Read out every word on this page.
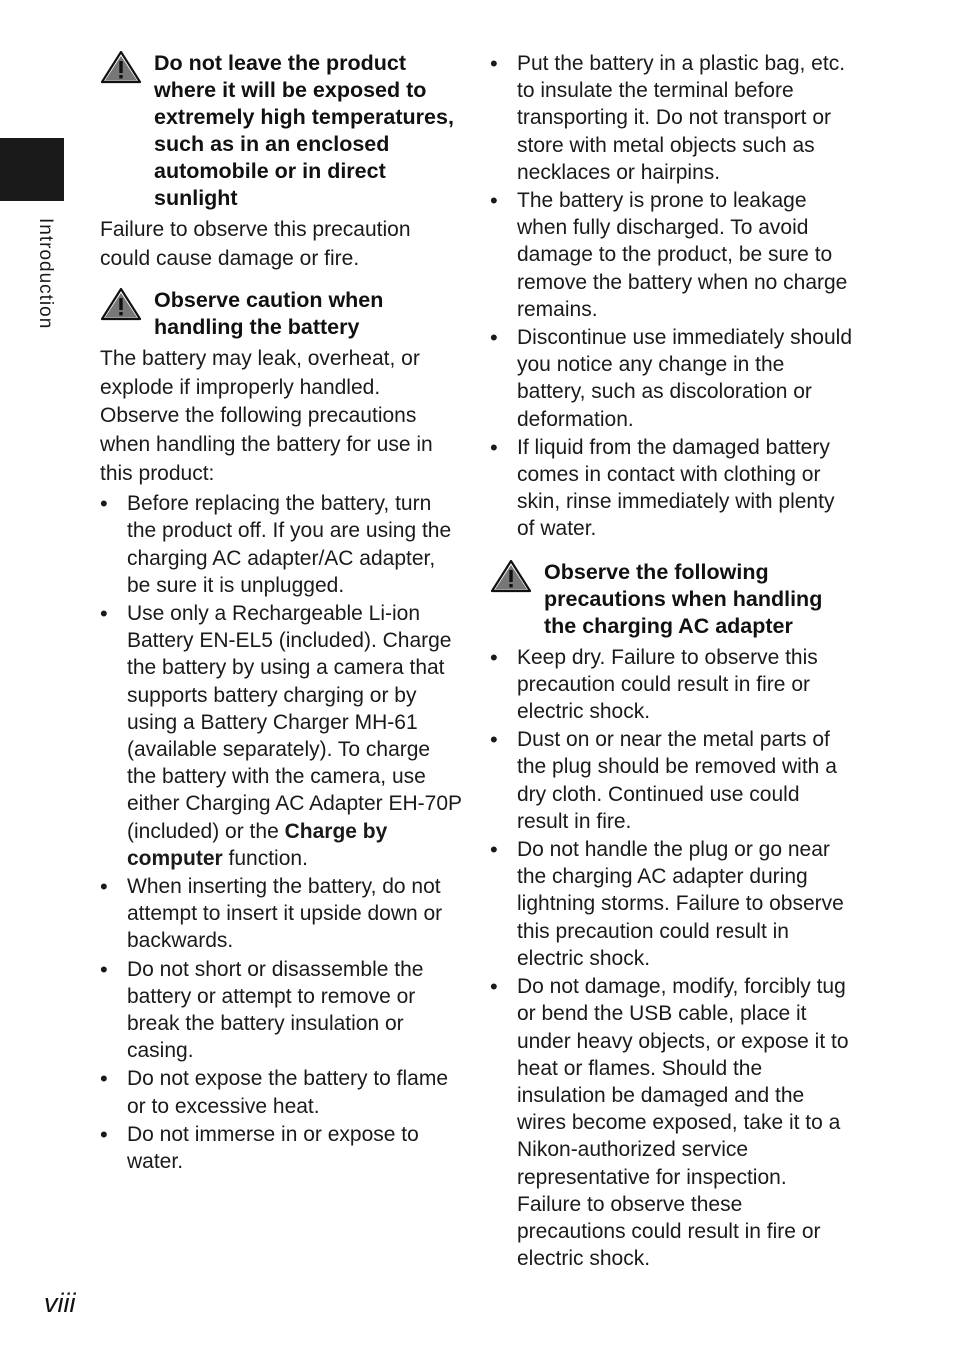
Introduction
Do not leave the product where it will be exposed to extremely high temperatures, such as in an enclosed automobile or in direct sunlight

Failure to observe this precaution could cause damage or fire.

Observe caution when handling the battery

The battery may leak, overheat, or explode if improperly handled. Observe the following precautions when handling the battery for use in this product:

• Before replacing the battery, turn the product off. If you are using the charging AC adapter/AC adapter, be sure it is unplugged.
• Use only a Rechargeable Li-ion Battery EN-EL5 (included). Charge the battery by using a camera that supports battery charging or by using a Battery Charger MH-61 (available separately). To charge the battery with the camera, use either Charging AC Adapter EH-70P (included) or the Charge by computer function.
• When inserting the battery, do not attempt to insert it upside down or backwards.
• Do not short or disassemble the battery or attempt to remove or break the battery insulation or casing.
• Do not expose the battery to flame or to excessive heat.
• Do not immerse in or expose to water.
• Put the battery in a plastic bag, etc. to insulate the terminal before transporting it. Do not transport or store with metal objects such as necklaces or hairpins.
• The battery is prone to leakage when fully discharged. To avoid damage to the product, be sure to remove the battery when no charge remains.
• Discontinue use immediately should you notice any change in the battery, such as discoloration or deformation.
• If liquid from the damaged battery comes in contact with clothing or skin, rinse immediately with plenty of water.
Observe the following precautions when handling the charging AC adapter
• Keep dry. Failure to observe this precaution could result in fire or electric shock.
• Dust on or near the metal parts of the plug should be removed with a dry cloth. Continued use could result in fire.
• Do not handle the plug or go near the charging AC adapter during lightning storms. Failure to observe this precaution could result in electric shock.
• Do not damage, modify, forcibly tug or bend the USB cable, place it under heavy objects, or expose it to heat or flames. Should the insulation be damaged and the wires become exposed, take it to a Nikon-authorized service representative for inspection. Failure to observe these precautions could result in fire or electric shock.
viii
